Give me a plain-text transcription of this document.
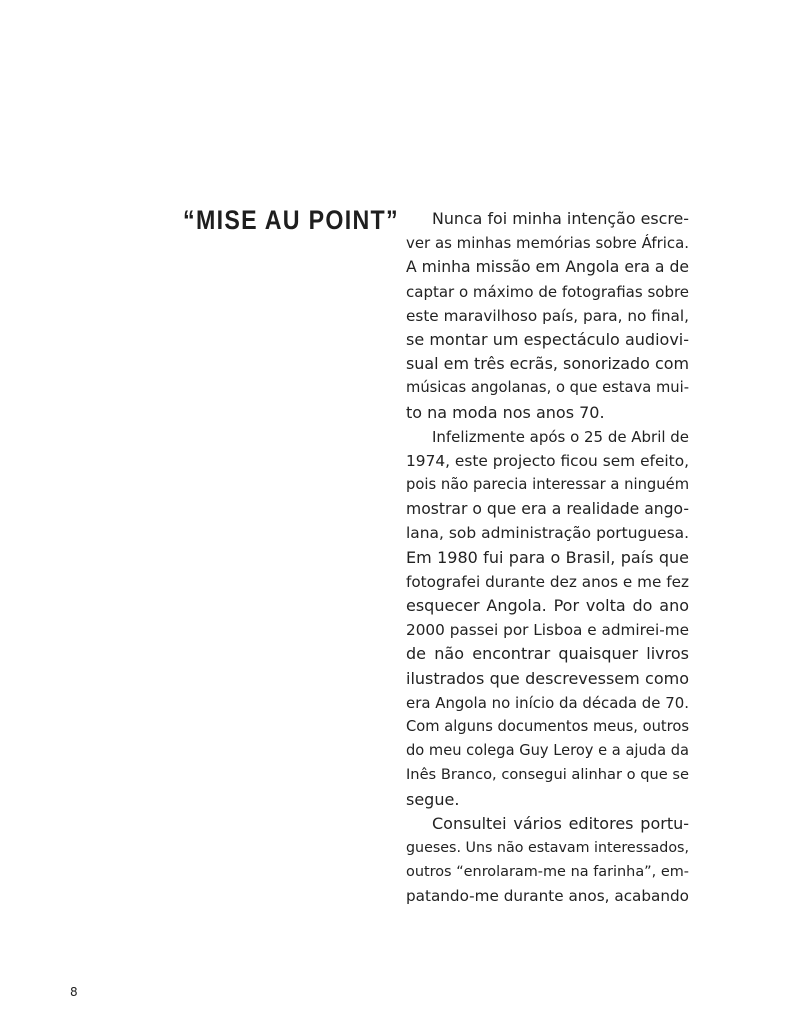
“MISE AU POINT”	Nunca foi minha intenção escre-
ver as minhas memórias sobre África.
A minha missão em Angola era a de
captar o máximo de fotografias sobre
este maravilhoso país, para, no final,
se montar um espectáculo audiovi-
sual em três ecrãs, sonorizado com
músicas angolanas, o que estava mui-
to na moda nos anos 70.
Infelizmente após o 25 de Abril de
1974, este projecto ficou sem efeito,
pois não parecia interessar a ninguém
mostrar o que era a realidade ango-
lana, sob administração portuguesa.
Em 1980 fui para o Brasil, país que
fotografei durante dez anos e me fez
esquecer Angola. Por volta do ano
2000 passei por Lisboa e admirei-me
de não encontrar quaisquer livros
ilustrados que descrevessem como
era Angola no início da década de 70.
Com alguns documentos meus, outros
do meu colega Guy Leroy e a ajuda da
Inês Branco, consegui alinhar o que se
segue.
Consultei vários editores portu-
gueses. Uns não estavam interessados,
outros “enrolaram-me na farinha”, em-
patando-me durante anos, acabando
8
